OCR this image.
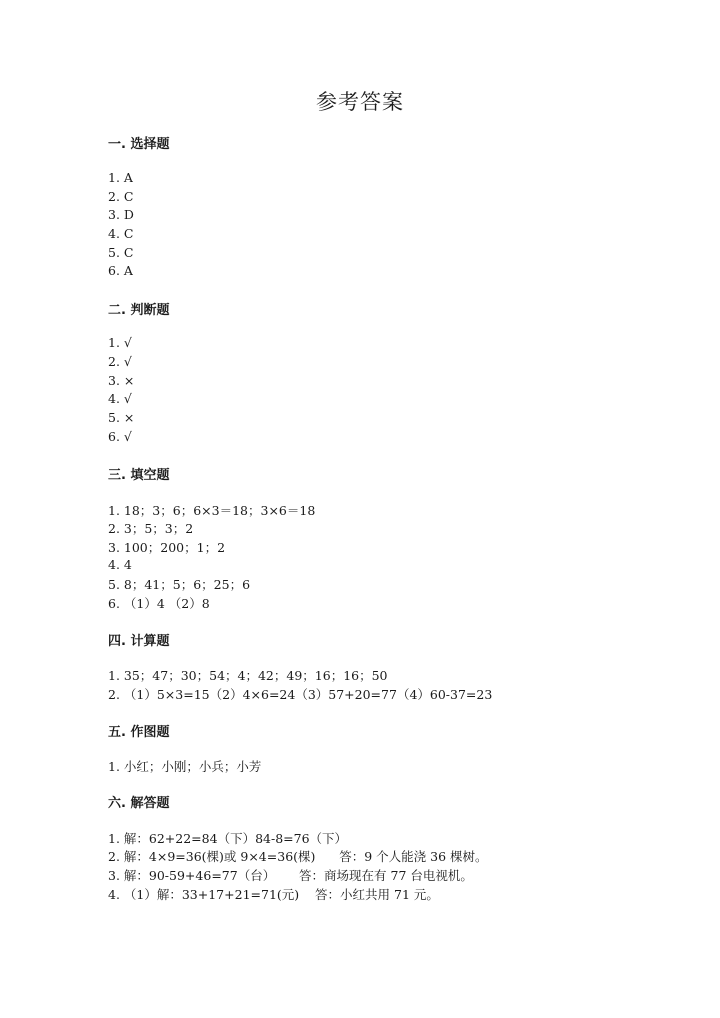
参考答案
一. 选择题
1. A
2. C
3. D
4. C
5. C
6. A
二. 判断题
1. √
2. √
3. ×
4. √
5. ×
6. √
三. 填空题
1. 18；3；6；6×3＝18；3×6＝18
2. 3；5；3；2
3. 100；200；1；2
4. 4
5. 8；41；5；6；25；6
6. （1）4 （2）8
四. 计算题
1. 35；47；30；54；4；42；49；16；16；50
2. （1）5×3=15（2）4×6=24（3）57+20=77（4）60-37=23
五. 作图题
1. 小红；小刚；小兵；小芳
六. 解答题
1. 解：62+22=84（下）84-8=76（下）
2. 解：4×9=36(棵)或 9×4=36(棵)      答：9 个人能浇 36 棵树。
3. 解：90-59+46=77（台）      答：商场现在有 77 台电视机。
4. （1）解：33+17+21=71(元)    答：小红共用 71 元。
